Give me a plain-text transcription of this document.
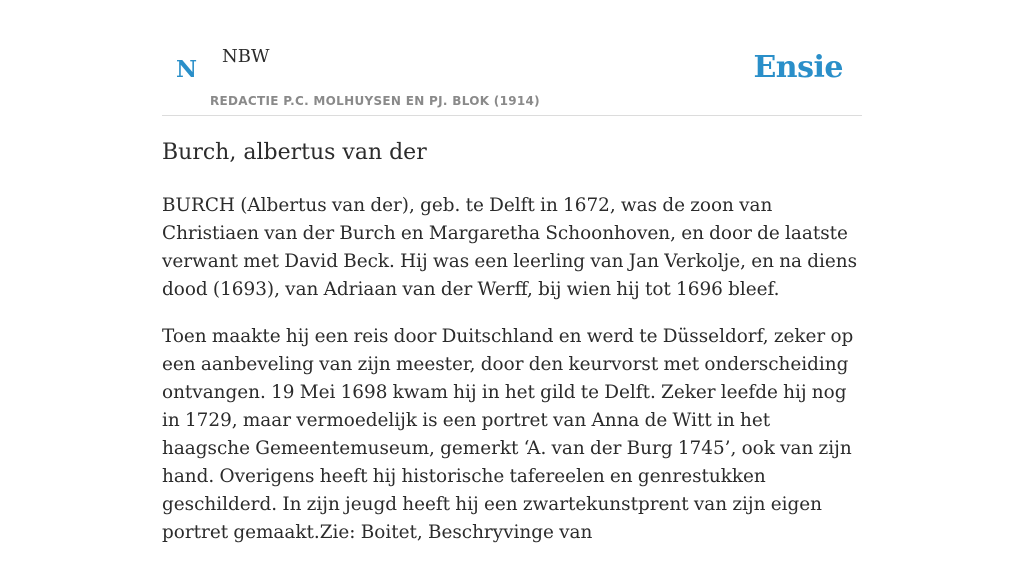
N NBW
REDACTIE P.C. MOLHUYSEN EN PJ. BLOK (1914)
Ensie
Burch, albertus van der

BURCH (Albertus van der), geb. te Delft in 1672, was de zoon van Christiaen van der Burch en Margaretha Schoonhoven, en door de laatste verwant met David Beck. Hij was een leerling van Jan Verkolje, en na diens dood (1693), van Adriaan van der Werff, bij wien hij tot 1696 bleef.

Toen maakte hij een reis door Duitschland en werd te Düsseldorf, zeker op een aanbeveling van zijn meester, door den keurvorst met onderscheiding ontvangen. 19 Mei 1698 kwam hij in het gild te Delft. Zeker leefde hij nog in 1729, maar vermoedelijk is een portret van Anna de Witt in het haagsche Gemeentemuseum, gemerkt ‘A. van der Burg 1745’, ook van zijn hand. Overigens heeft hij historische tafereelen en genrestukken geschilderd. In zijn jeugd heeft hij een zwartekunstprent van zijn eigen portret gemaakt.Zie: Boitet, Beschryvinge van
